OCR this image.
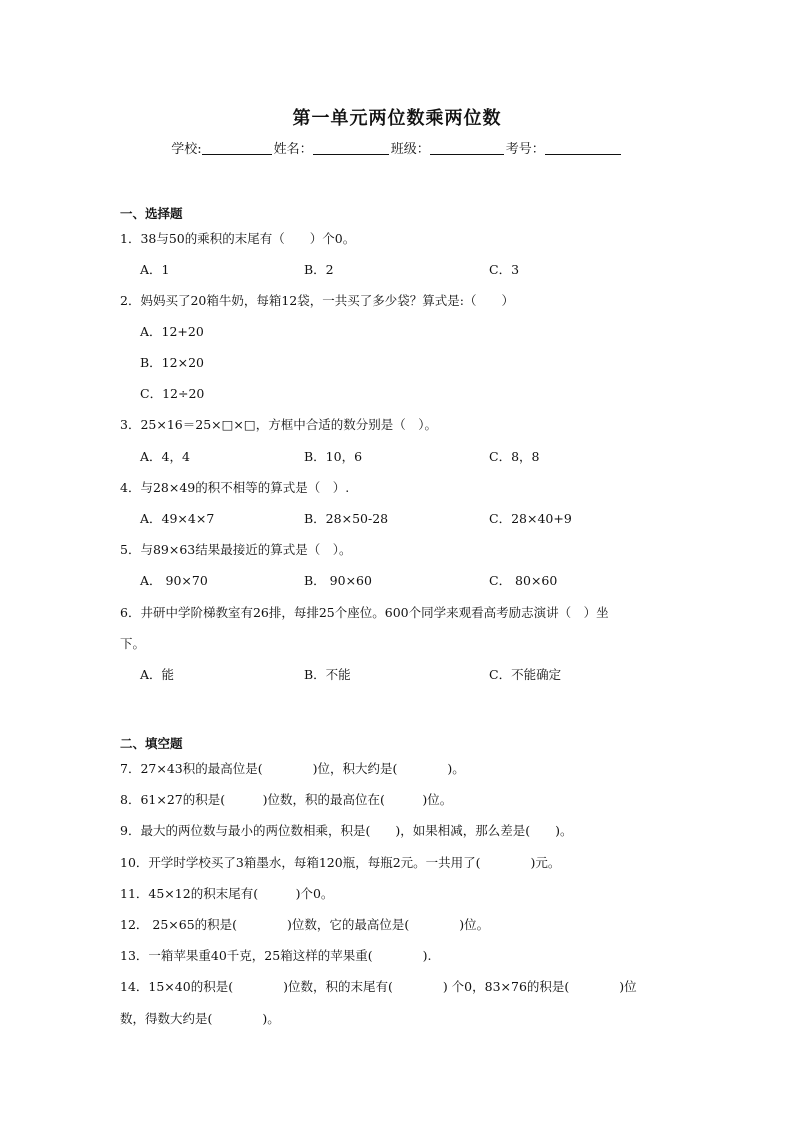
第一单元两位数乘两位数
学校:	姓名：	班级：	考号：
一、选择题
1．38与50的乘积的末尾有（　　）个0。
A．1	B．2	C．3
2．妈妈买了20箱牛奶，每箱12袋，一共买了多少袋？算式是:（　　）
A．12+20
B．12×20
C．12÷20
3．25×16＝25×□×□，方框中合适的数分别是（　）。
A．4，4	B．10，6	C．8，8
4．与28×49的积不相等的算式是（　）.
A．49×4×7	B．28×50-28	C．28×40+9
5．与89×63结果最接近的算式是（　）。
A． 90×70	B． 90×60	C． 80×60
6．井研中学阶梯教室有26排，每排25个座位。600个同学来观看高考励志演讲（　）坐
下。
A．能	B．不能	C．不能确定
二、填空题
7．27×43积的最高位是(　　　　)位，积大约是(　　　　)。
8．61×27的积是(　　　)位数，积的最高位在(　　　)位。
9．最大的两位数与最小的两位数相乘，积是(　　)，如果相减，那么差是(　　)。
10．开学时学校买了3箱墨水，每箱120瓶，每瓶2元。一共用了(　　　　)元。
11．45×12的积末尾有(　　　)个0。
12． 25×65的积是(　　　　)位数，它的最高位是(　　　　)位。
13．一箱苹果重40千克，25箱这样的苹果重(　　　　).
14．15×40的积是(　　　　)位数，积的末尾有(　　　　) 个0，83×76的积是(　　　　)位
数，得数大约是(　　　　)。
